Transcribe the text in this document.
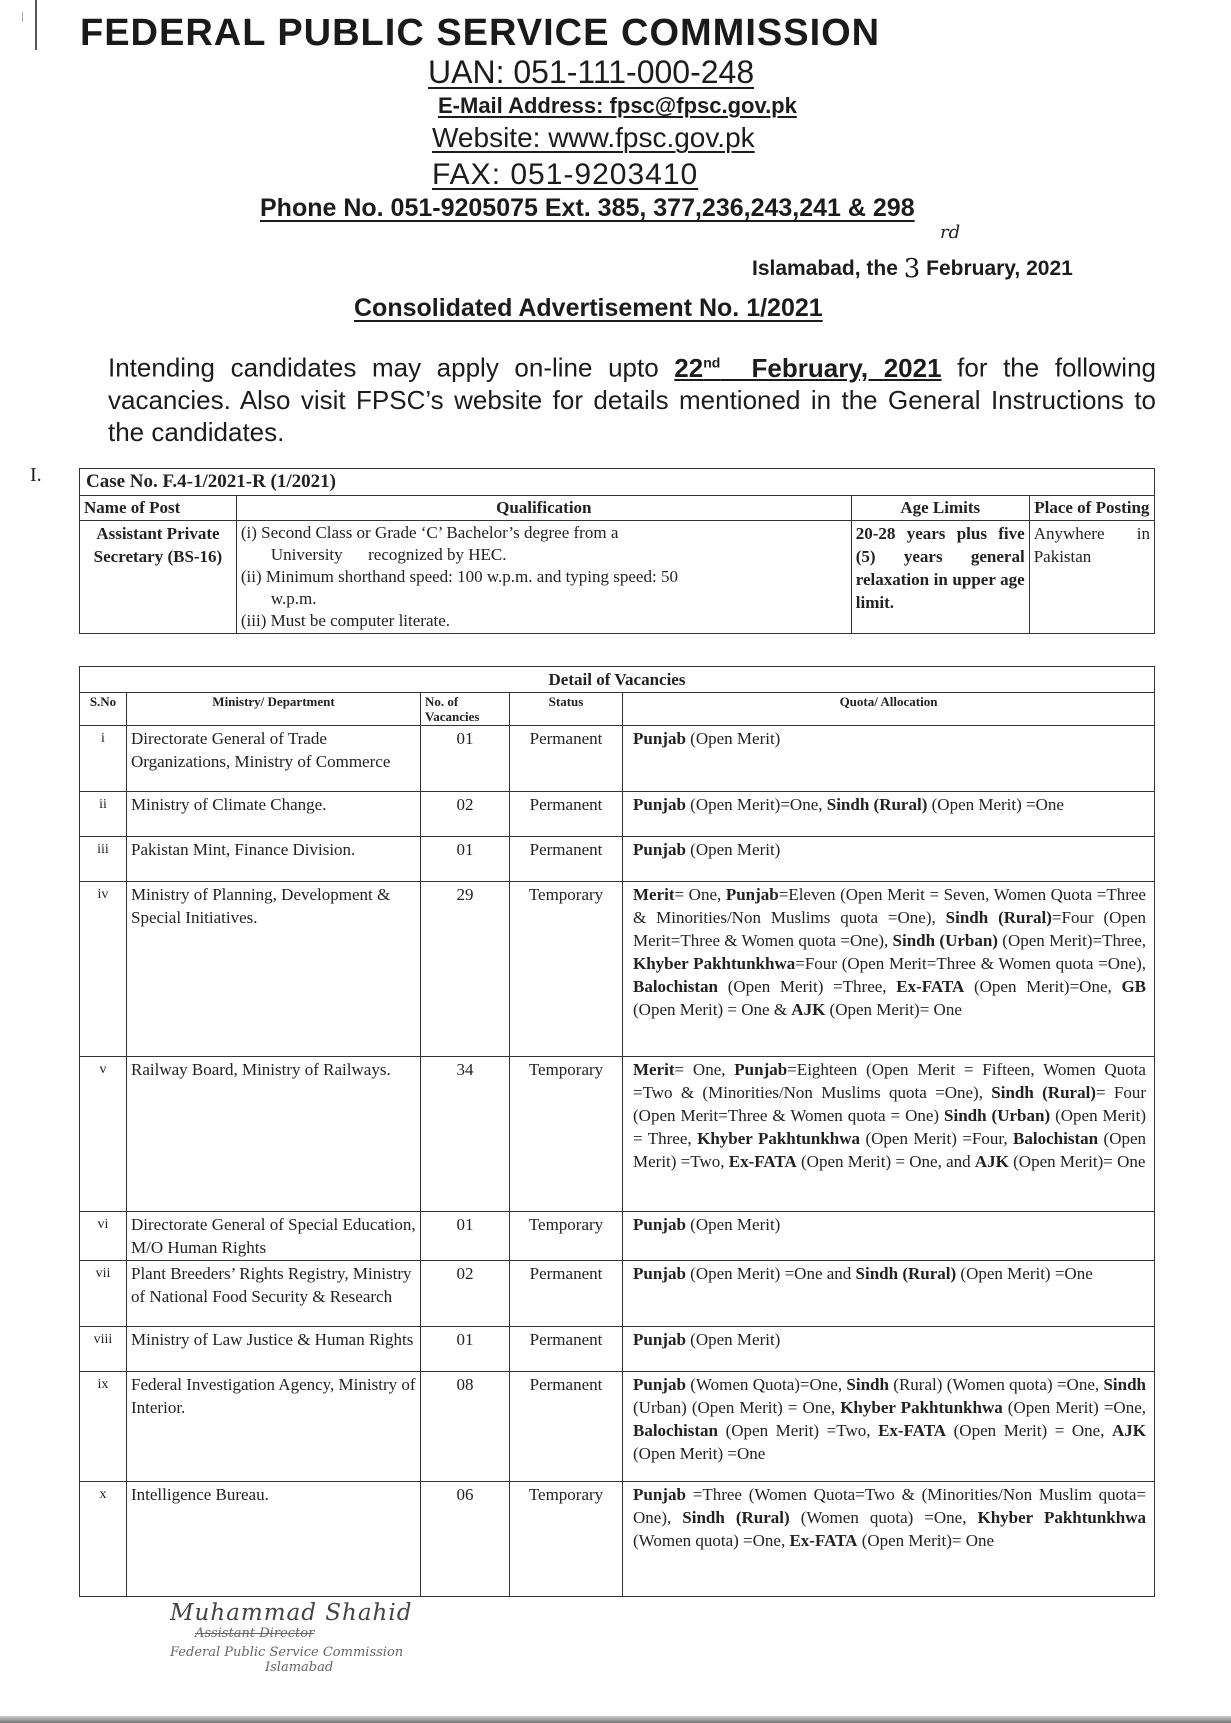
FEDERAL PUBLIC SERVICE COMMISSION
UAN: 051-111-000-248
E-Mail Address: fpsc@fpsc.gov.pk
Website: www.fpsc.gov.pk
FAX: 051-9203410
Phone No. 051-9205075 Ext. 385, 377,236,243,241 & 298
Islamabad, the 3
rd
February, 2021
Consolidated Advertisement No. 1/2021
Intending candidates may apply on-line upto 22nd  February, 2021 for the following vacancies. Also visit FPSC’s website for details mentioned in the General Instructions to the candidates.
I. Case No. F.4-1/2021-R (1/2021)			
Name of Post	Qualification	Age Limits	Place of Posting
Assistant Private Secretary (BS-16)	(i) Second Class or Grade ‘C’ Bachelor’s degree from a
University      recognized by HEC.
(ii) Minimum shorthand speed: 100 w.p.m. and typing speed: 50
w.p.m.
(iii) Must be computer literate.	20-28 years plus five (5) years general relaxation in upper age limit.	Anywhere in Pakistan
Detail of Vacancies				
S.No	Ministry/ Department	No. of Vacancies	Status	Quota/ Allocation
i	Directorate General of Trade Organizations, Ministry of Commerce	01	Permanent	Punjab (Open Merit)
ii	Ministry of Climate Change.	02	Permanent	Punjab (Open Merit)=One, Sindh (Rural) (Open Merit) =One
iii	Pakistan Mint, Finance Division.	01	Permanent	Punjab (Open Merit)
iv	Ministry of Planning, Development & Special Initiatives.	29	Temporary	Merit= One, Punjab=Eleven (Open Merit = Seven, Women Quota =Three & Minorities/Non Muslims quota =One), Sindh (Rural)=Four (Open Merit=Three & Women quota =One), Sindh (Urban) (Open Merit)=Three, Khyber Pakhtunkhwa=Four (Open Merit=Three & Women quota =One), Balochistan (Open Merit) =Three, Ex-FATA (Open Merit)=One, GB (Open Merit) = One & AJK (Open Merit)= One
v	Railway Board, Ministry of Railways.	34	Temporary	Merit= One, Punjab=Eighteen (Open Merit = Fifteen, Women Quota =Two & (Minorities/Non Muslims quota =One), Sindh (Rural)= Four (Open Merit=Three & Women quota = One) Sindh (Urban) (Open Merit) = Three, Khyber Pakhtunkhwa (Open Merit) =Four, Balochistan (Open Merit) =Two, Ex-FATA (Open Merit) = One, and AJK (Open Merit)= One
vi	Directorate General of Special Education, M/O Human Rights	01	Temporary	Punjab (Open Merit)
vii	Plant Breeders’ Rights Registry, Ministry of National Food Security & Research	02	Permanent	Punjab (Open Merit) =One and Sindh (Rural) (Open Merit) =One
viii	Ministry of Law Justice & Human Rights	01	Permanent	Punjab (Open Merit)
ix	Federal Investigation Agency, Ministry of Interior.	08	Permanent	Punjab (Women Quota)=One, Sindh (Rural) (Women quota) =One, Sindh (Urban) (Open Merit) = One, Khyber Pakhtunkhwa (Open Merit) =One, Balochistan (Open Merit) =Two, Ex-FATA (Open Merit) = One, AJK (Open Merit) =One
x	Intelligence Bureau.	06	Temporary	Punjab =Three (Women Quota=Two & (Minorities/Non Muslim quota= One), Sindh (Rural) (Women quota) =One, Khyber Pakhtunkhwa (Women quota) =One, Ex-FATA (Open Merit)= One
Muhammad Shahid
Assistant Director
Federal Public Service Commission
Islamabad
